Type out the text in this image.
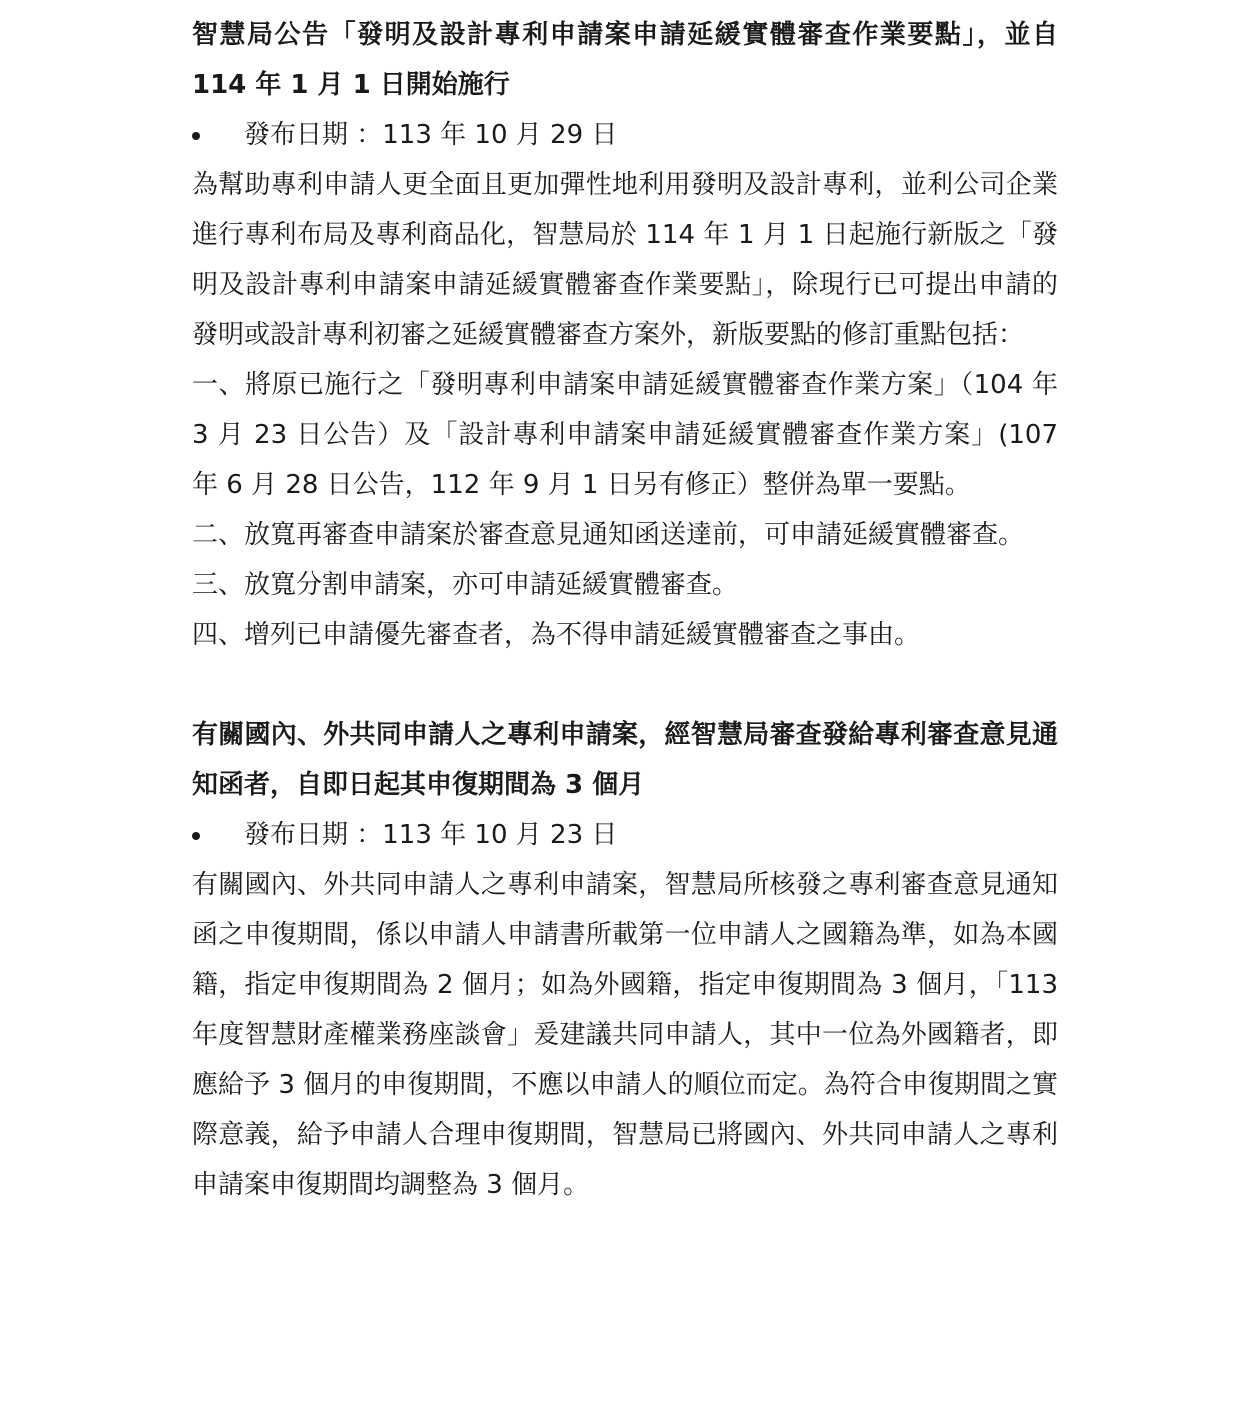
智慧局公告「發明及設計專利申請案申請延緩實體審查作業要點」，並自 114 年 1 月 1 日開始施行
發布日期 ：113 年 10 月 29 日

為幫助專利申請人更全面且更加彈性地利用發明及設計專利，並利公司企業進行專利布局及專利商品化，智慧局於 114 年 1 月 1 日起施行新版之「發明及設計專利申請案申請延緩實體審查作業要點」，除現行已可提出申請的發明或設計專利初審之延緩實體審查方案外，新版要點的修訂重點包括：

一、將原已施行之「發明專利申請案申請延緩實體審查作業方案」（104 年 3 月 23 日公告）及「設計專利申請案申請延緩實體審查作業方案」(107 年 6 月 28 日公告，112 年 9 月 1 日另有修正）整併為單一要點。

二、放寬再審查申請案於審查意見通知函送達前，可申請延緩實體審查。

三、放寬分割申請案，亦可申請延緩實體審查。

四、增列已申請優先審查者，為不得申請延緩實體審查之事由。

有關國內、外共同申請人之專利申請案，經智慧局審查發給專利審查意見通知函者，自即日起其申復期間為 3 個月
發布日期 ：113 年 10 月 23 日

有關國內、外共同申請人之專利申請案，智慧局所核發之專利審查意見通知函之申復期間，係以申請人申請書所載第一位申請人之國籍為準，如為本國籍，指定申復期間為 2 個月；如為外國籍，指定申復期間為 3 個月，「113 年度智慧財產權業務座談會」爰建議共同申請人，其中一位為外國籍者，即應給予 3 個月的申復期間，不應以申請人的順位而定。為符合申復期間之實際意義，給予申請人合理申復期間，智慧局已將國內、外共同申請人之專利申請案申復期間均調整為 3 個月。
